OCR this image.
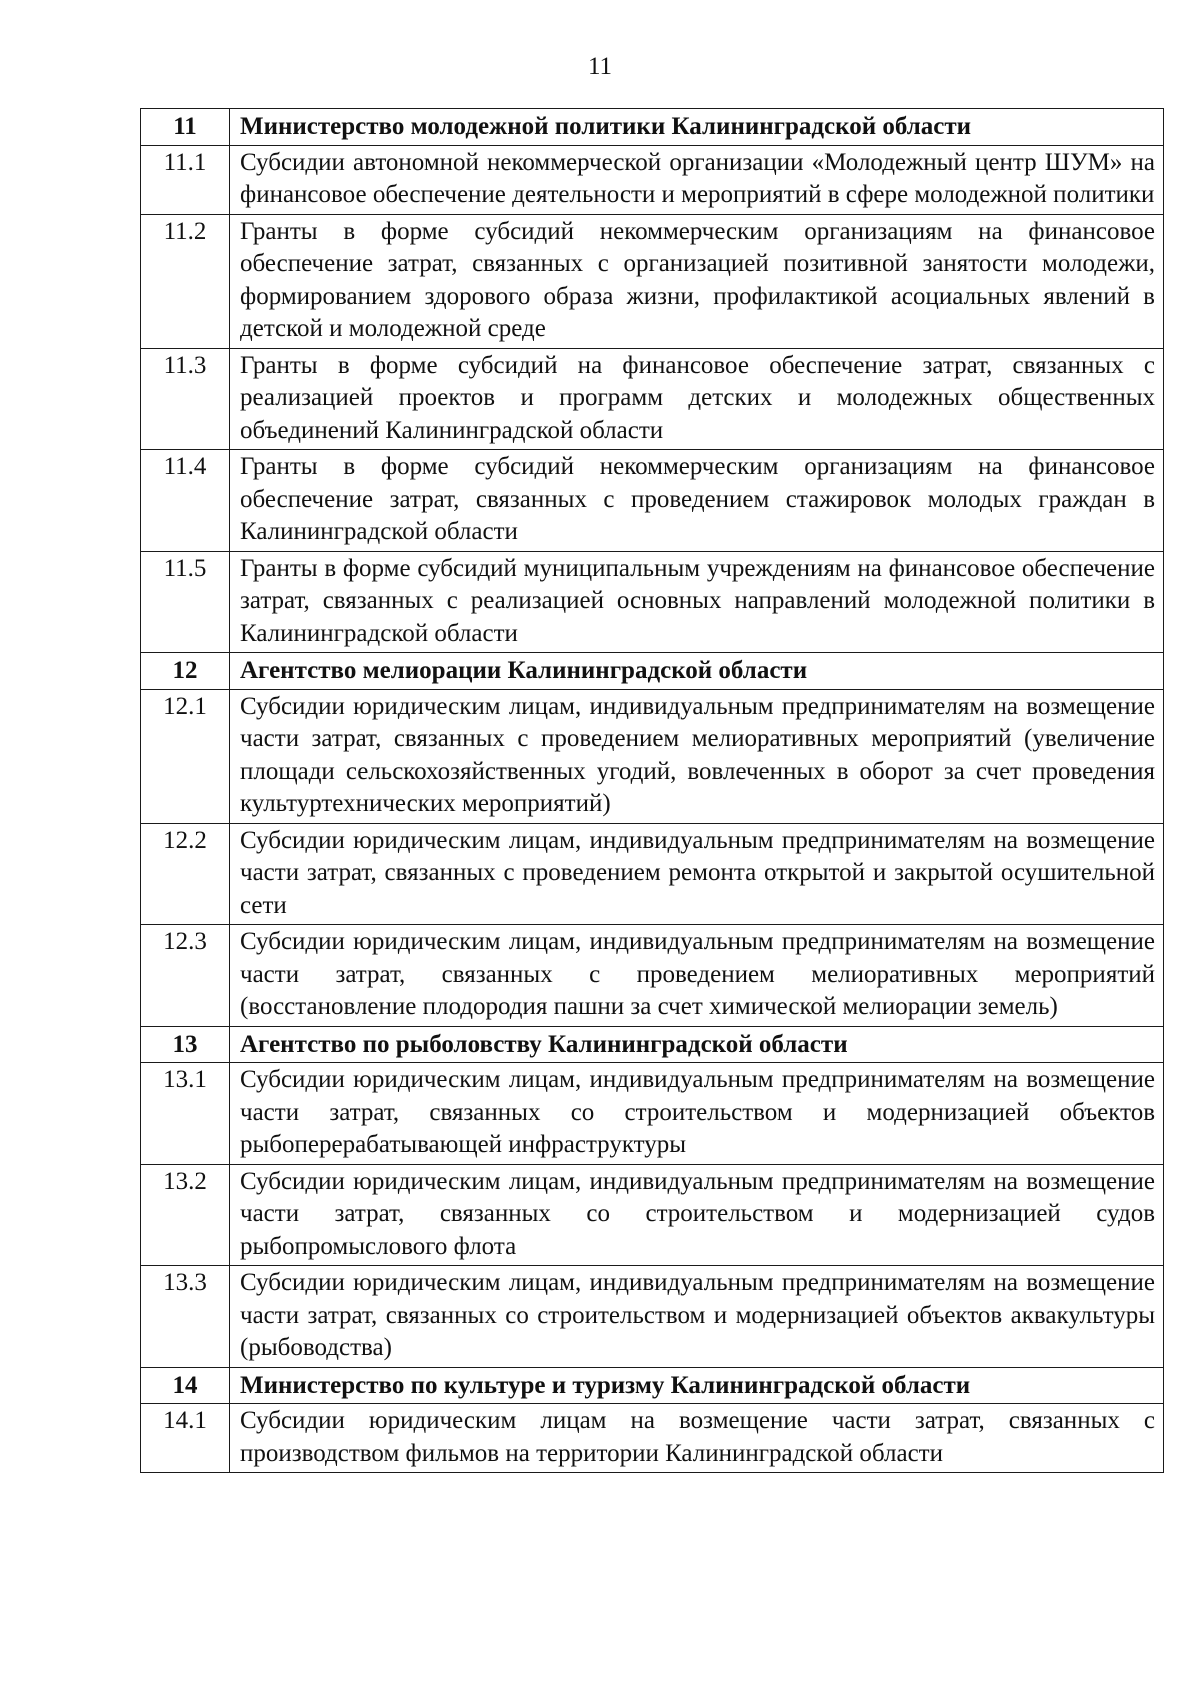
11
11	Министерство молодежной политики Калининградской области
11.1	Субсидии автономной некоммерческой организации «Молодежный центр ШУМ» на финансовое обеспечение деятельности и мероприятий в сфере молодежной политики
11.2	Гранты в форме субсидий некоммерческим организациям на финансовое обеспечение затрат, связанных с организацией позитивной занятости молодежи, формированием здорового образа жизни, профилактикой асоциальных явлений в детской и молодежной среде
11.3	Гранты в форме субсидий на финансовое обеспечение затрат, связанных с реализацией проектов и программ детских и молодежных общественных объединений Калининградской области
11.4	Гранты в форме субсидий некоммерческим организациям на финансовое обеспечение затрат, связанных с проведением стажировок молодых граждан в Калининградской области
11.5	Гранты в форме субсидий муниципальным учреждениям на финансовое обеспечение затрат, связанных с реализацией основных направлений молодежной политики в Калининградской области
12	Агентство мелиорации Калининградской области
12.1	Субсидии юридическим лицам, индивидуальным предпринимателям на возмещение части затрат, связанных с проведением мелиоративных мероприятий (увеличение площади сельскохозяйственных угодий, вовлеченных в оборот за счет проведения культуртехнических мероприятий)
12.2	Субсидии юридическим лицам, индивидуальным предпринимателям на возмещение части затрат, связанных с проведением ремонта открытой и закрытой осушительной сети
12.3	Субсидии юридическим лицам, индивидуальным предпринимателям на возмещение части затрат, связанных с проведением мелиоративных мероприятий (восстановление плодородия пашни за счет химической мелиорации земель)
13	Агентство по рыболовству Калининградской области
13.1	Субсидии юридическим лицам, индивидуальным предпринимателям на возмещение части затрат, связанных со строительством и модернизацией объектов рыбоперерабатывающей инфраструктуры
13.2	Субсидии юридическим лицам, индивидуальным предпринимателям на возмещение части затрат, связанных со строительством и модернизацией судов рыбопромыслового флота
13.3	Субсидии юридическим лицам, индивидуальным предпринимателям на возмещение части затрат, связанных со строительством и модернизацией объектов аквакультуры (рыбоводства)
14	Министерство по культуре и туризму Калининградской области
14.1	Субсидии юридическим лицам на возмещение части затрат, связанных с производством фильмов на территории Калининградской области
